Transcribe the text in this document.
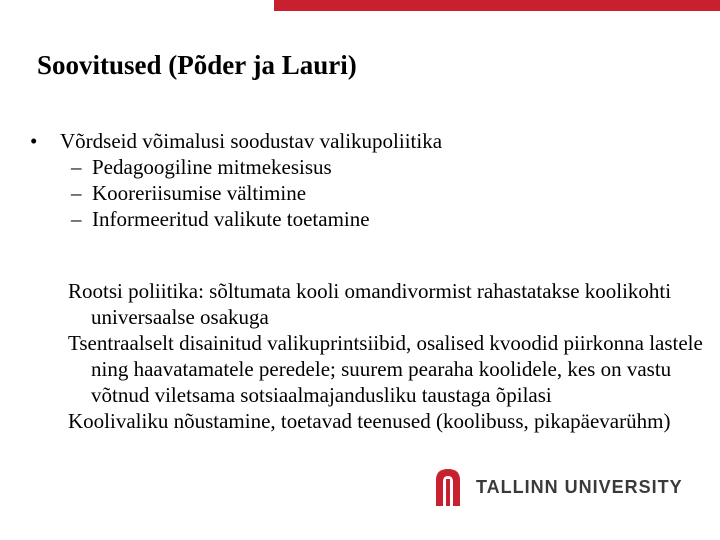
Soovitused (Põder ja Lauri)
•	Võrdseid võimalusi soodustav valikupoliitika
– Pedagoogiline mitmekesisus
– Kooreriisumise vältimine
– Informeeritud valikute toetamine
Rootsi poliitika: sõltumata kooli omandivormist rahastatakse koolikohti universaalse osakuga
Tsentraalselt disainitud valikuprintsiibid, osalised kvoodid piirkonna lastele ning haavatamatele peredele; suurem pearaha koolidele, kes on vastu võtnud viletsama sotsiaalmajandusliku taustaga õpilasi
Koolivaliku nõustamine, toetavad teenused (koolibuss, pikapäevarühm)
TALLINN UNIVERSITY
